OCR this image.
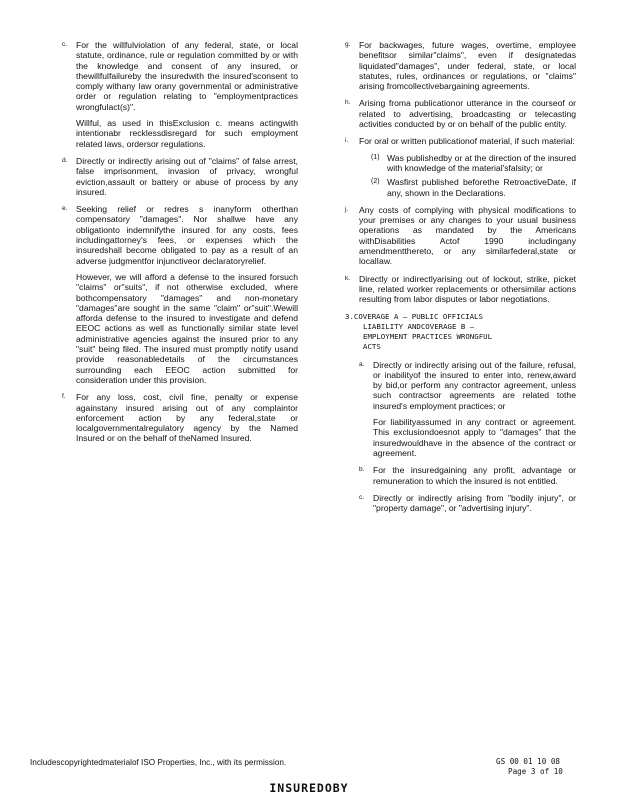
c. For the willfulviolation of any federal, state, or local statute, ordinance, rule or regulation committed by or with the knowledge and consent of any insured, or thewillfulfailureby the insuredwith the insured'sconsent to comply withany law orany governmental or administrative order or regulation relating to "employmentpractices wrongfulact(s)".

Willful, as used in thisExclusion c. means actingwith intentionabr recklessdisregard for such employment related laws, ordersor regulations.

d. Directly or indirectly arising out of "claims" of false arrest, false imprisonment, invasion of privacy, wrongful eviction,assault or battery or abuse of process by any insured.

e. Seeking relief or redres s inanyform otherthan compensatory "damages". Nor shallwe have any obligationto indemnifythe insured for any costs, fees includingattorney's fees, or expenses which the insuredshall become obligated to pay as a result of an adverse judgmentfor injunctiveor declaratoryrelief.

However, we will afford a defense to the insured forsuch "claims" or"suits", if not otherwise excluded, where bothcompensatory "damages" and non-monetary "damages"are sought in the same "claim" or"suit".Wewill afforda defense to the insured to investigate and defend EEOC actions as well as functionally similar state level administrative agencies against the insured prior to any "suit" being filed. The insured must promptly notify usand provide reasonabledetails of the circumstances surrounding each EEOC action submitted for consideration under this provision.

f. For any loss, cost, civil fine, penalty or expense againstany insured arising out of any complaintor enforcement action by any federal,state or localgovernmentalregulatory agency by the Named Insured or on the behalf of theNamed Insured.

g. For backwages, future wages, overtime, employee benefitsor similar"claims", even if designatedas liquidated"damages", under federal, state, or local statutes, rules, ordinances or regulations, or "claims" arising fromcollectivebargaining agreements.

h. Arising froma publicationor utterance in the courseof or related to advertising, broadcasting or telecasting activities conducted by or on behalf of the public entity.

i. For oral or written publicationof material, if such material:

(1) Was publishedby or at the direction of the insured with knowledge of the material'sfalsity; or
(2) Wasfirst published beforethe RetroactiveDate, if any, shown in the Declarations.
j. Any costs of complying with physical modifications to your premises or any changes to your usual business operations as mandated by the Americans withDisabilities Actof 1990 includingany amendmentthereto, or any similarfederal,state or localIaw.

k. Directly or indirectlyarising out of lockout, strike, picket line, related worker replacements or othersimilar actions resulting from labor disputes or labor negotiations.

3.COVERAGE A — PUBLIC OFFICIALS
LIABILITY ANDCOVERAGE B —
EMPLOYMENT PRACTICES WRONGFUL
ACTS
a. Directly or indirectly arising out of the failure, refusal, or inabilityof the insured to enter into, renew,award by bid,or perform any contractor agreement, unless such contractsor agreements are related tothe insured's employment practices; or

For liabilityassumed in any contract or agreement. This exclusiondoesnot apply to "damages" that the insuredwouldhave in the absence of the contract or agreement.

b. For the insuredgaining any profit, advantage or remuneration to which the insured is not entitled.

c. Directly or indirectly arising from "bodily injury", or "property damage", or "advertising injury".

Includescopyrightedmaterialof ISO Properties, Inc., with its permission.	GS 00 01 10 08
Page 3 of 10
INSUREDOBY
